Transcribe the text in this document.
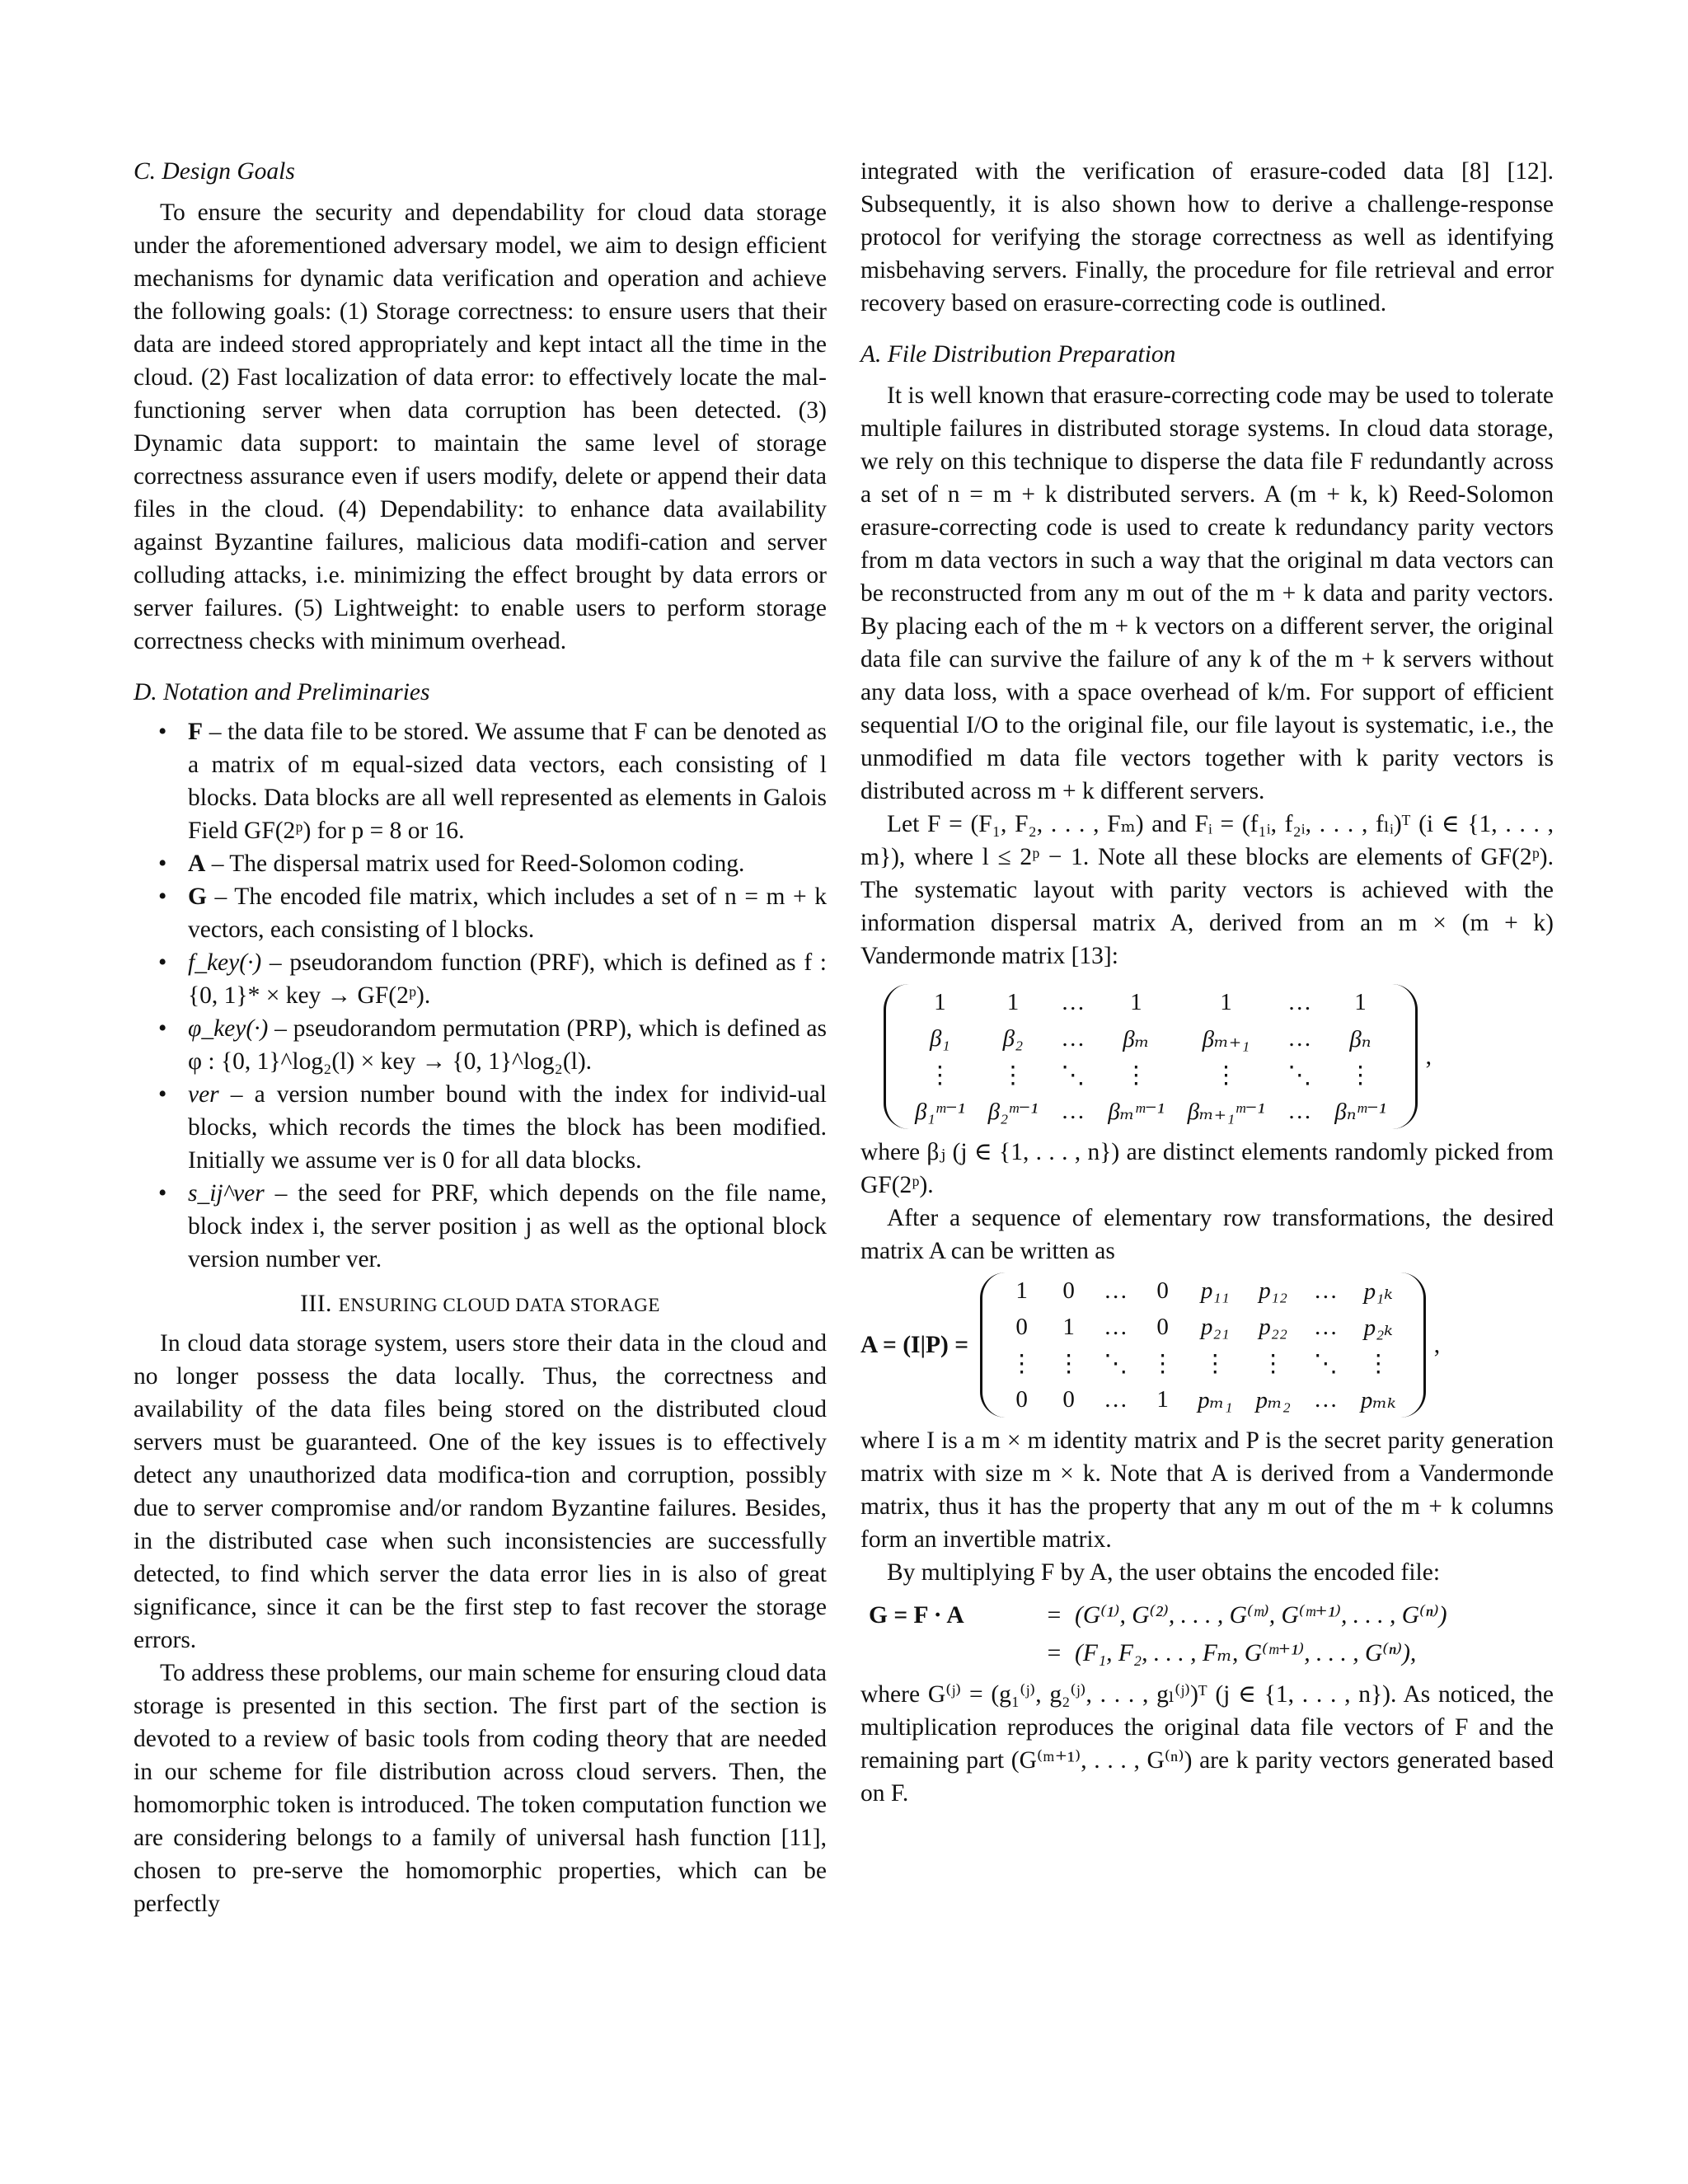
C. Design Goals

To ensure the security and dependability for cloud data storage under the aforementioned adversary model, we aim to design efficient mechanisms for dynamic data verification and operation and achieve the following goals: (1) Storage correctness: to ensure users that their data are indeed stored appropriately and kept intact all the time in the cloud. (2) Fast localization of data error: to effectively locate the mal-functioning server when data corruption has been detected. (3) Dynamic data support: to maintain the same level of storage correctness assurance even if users modify, delete or append their data files in the cloud. (4) Dependability: to enhance data availability against Byzantine failures, malicious data modifi-cation and server colluding attacks, i.e. minimizing the effect brought by data errors or server failures. (5) Lightweight: to enable users to perform storage correctness checks with minimum overhead.

D. Notation and Preliminaries

• F – the data file to be stored. We assume that F can be denoted as a matrix of m equal-sized data vectors, each consisting of l blocks. Data blocks are all well represented as elements in Galois Field GF(2ᵖ) for p = 8 or 16.
• A – The dispersal matrix used for Reed-Solomon coding.
• G – The encoded file matrix, which includes a set of n = m + k vectors, each consisting of l blocks.
• f_key(·) – pseudorandom function (PRF), which is defined as f : {0, 1}* × key → GF(2ᵖ).
• φ_key(·) – pseudorandom permutation (PRP), which is defined as φ : {0, 1}^log₂(l) × key → {0, 1}^log₂(l).
• ver – a version number bound with the index for individ-ual blocks, which records the times the block has been modified. Initially we assume ver is 0 for all data blocks.
• s_ij^ver – the seed for PRF, which depends on the file name, block index i, the server position j as well as the optional block version number ver.

III. ENSURING CLOUD DATA STORAGE

In cloud data storage system, users store their data in the cloud and no longer possess the data locally. Thus, the correctness and availability of the data files being stored on the distributed cloud servers must be guaranteed. One of the key issues is to effectively detect any unauthorized data modifica-tion and corruption, possibly due to server compromise and/or random Byzantine failures. Besides, in the distributed case when such inconsistencies are successfully detected, to find which server the data error lies in is also of great significance, since it can be the first step to fast recover the storage errors.

To address these problems, our main scheme for ensuring cloud data storage is presented in this section. The first part of the section is devoted to a review of basic tools from coding theory that are needed in our scheme for file distribution across cloud servers. Then, the homomorphic token is introduced. The token computation function we are considering belongs to a family of universal hash function [11], chosen to pre-serve the homomorphic properties, which can be perfectly

integrated with the verification of erasure-coded data [8] [12]. Subsequently, it is also shown how to derive a challenge-response protocol for verifying the storage correctness as well as identifying misbehaving servers. Finally, the procedure for file retrieval and error recovery based on erasure-correcting code is outlined.

A. File Distribution Preparation

It is well known that erasure-correcting code may be used to tolerate multiple failures in distributed storage systems. In cloud data storage, we rely on this technique to disperse the data file F redundantly across a set of n = m + k distributed servers. A (m + k, k) Reed-Solomon erasure-correcting code is used to create k redundancy parity vectors from m data vectors in such a way that the original m data vectors can be reconstructed from any m out of the m + k data and parity vectors. By placing each of the m + k vectors on a different server, the original data file can survive the failure of any k of the m + k servers without any data loss, with a space overhead of k/m. For support of efficient sequential I/O to the original file, our file layout is systematic, i.e., the unmodified m data file vectors together with k parity vectors is distributed across m + k different servers.

Let F = (F₁, F₂, . . . , Fₘ) and Fᵢ = (f₁ᵢ, f₂ᵢ, . . . , fₗᵢ)ᵀ (i ∈ {1, . . . , m}), where l ≤ 2ᵖ − 1. Note all these blocks are elements of GF(2ᵖ). The systematic layout with parity vectors is achieved with the information dispersal matrix A, derived from an m × (m + k) Vandermonde matrix [13]:

1	1	…	1	1	…	1
β₁	β₂	…	βₘ	βₘ₊₁	…	βₙ
⋮	⋮	⋱	⋮	⋮	⋱	⋮
β₁ᵐ⁻¹	β₂ᵐ⁻¹	…	βₘᵐ⁻¹	βₘ₊₁ᵐ⁻¹	…	βₙᵐ⁻¹
,

where βⱼ (j ∈ {1, . . . , n}) are distinct elements randomly picked from GF(2ᵖ).

After a sequence of elementary row transformations, the desired matrix A can be written as

A = (I|P) =
1	0	…	0	p₁₁	p₁₂	…	p₁ₖ
0	1	…	0	p₂₁	p₂₂	…	p₂ₖ
⋮	⋮	⋱	⋮	⋮	⋮	⋱	⋮
0	0	…	1	pₘ₁	pₘ₂	…	pₘₖ
,

where I is a m × m identity matrix and P is the secret parity generation matrix with size m × k. Note that A is derived from a Vandermonde matrix, thus it has the property that any m out of the m + k columns form an invertible matrix.

By multiplying F by A, the user obtains the encoded file:

G = F · A	= (G⁽¹⁾, G⁽²⁾, . . . , G⁽ᵐ⁾, G⁽ᵐ⁺¹⁾, . . . , G⁽ⁿ⁾)
= (F₁, F₂, . . . , Fₘ, G⁽ᵐ⁺¹⁾, . . . , G⁽ⁿ⁾),

where G⁽ʲ⁾ = (g₁⁽ʲ⁾, g₂⁽ʲ⁾, . . . , gₗ⁽ʲ⁾)ᵀ (j ∈ {1, . . . , n}). As noticed, the multiplication reproduces the original data file vectors of F and the remaining part (G⁽ᵐ⁺¹⁾, . . . , G⁽ⁿ⁾) are k parity vectors generated based on F.
